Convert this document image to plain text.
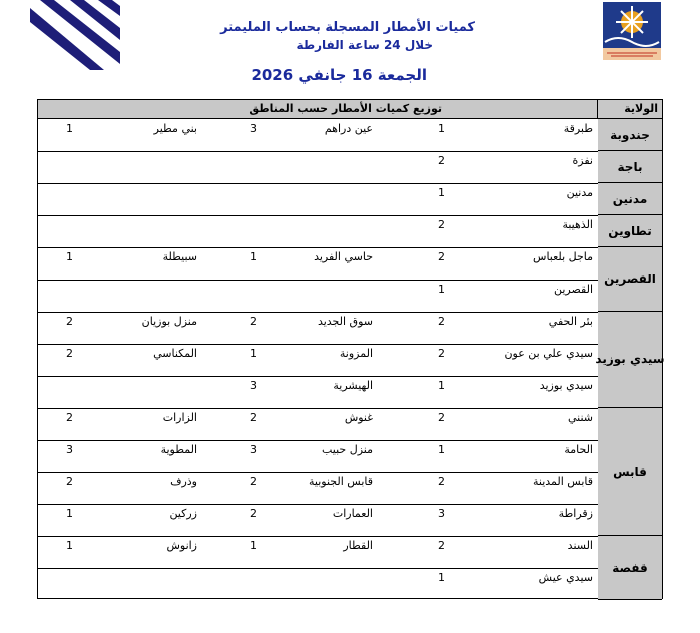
كميات الأمطار المسجلة بحساب المليمتر
خلال 24 ساعة الفارطة
الجمعة 16 جانفي 2026
توزيع كميات الأمطار حسب المناطق	الولاية
جندوبة
طبرقة
1
عين دراهم
3
بني مطير
1
باجة
نفزة
2
مدنين
مدنين
1
تطاوين
الذهيبة
2
القصرين
ماجل بلعباس
2
حاسي الفريد
1
سبيطلة
1
القصرين
1
سيدي بوزيد
بئر الحفي
2
سوق الجديد
2
منزل بوزيان
2
سيدي علي بن عون
2
المزونة
1
المكناسي
2
سيدي بوزيد
1
الهيشرية
3
قابس
شنني
2
غنوش
2
الزارات
2
الحامة
1
منزل حبيب
3
المطوية
3
قابس المدينة
2
قابس الجنوبية
2
وذرف
2
زقراطة
3
العمارات
2
زركين
1
قفصة
السند
2
القطار
1
زانوش
1
سيدي عيش
1
